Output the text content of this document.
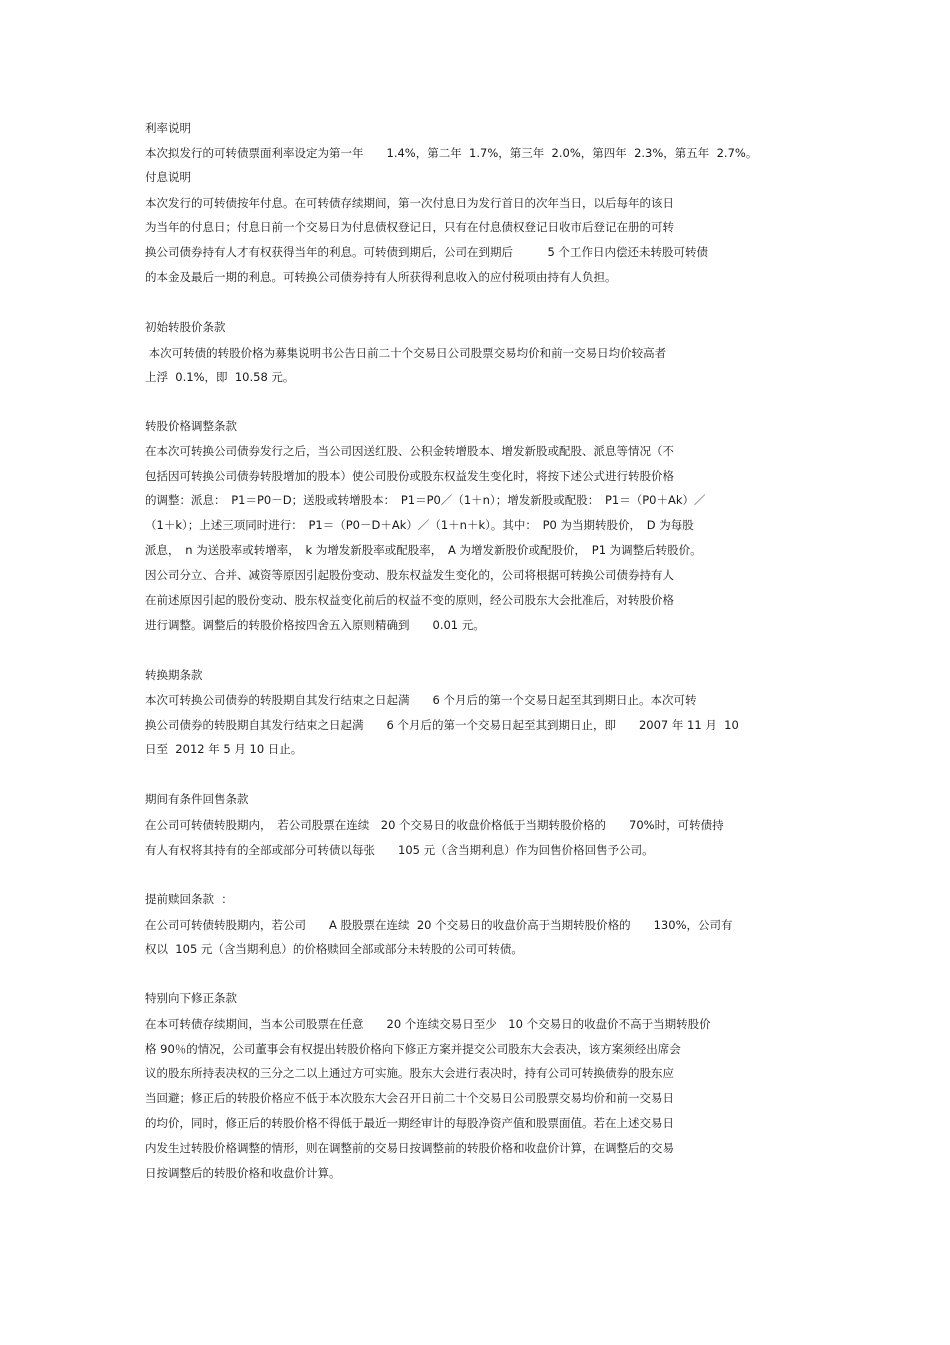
利率说明
本次拟发行的可转债票面利率设定为第一年　　1.4%，第二年  1.7%，第三年  2.0%，第四年  2.3%，第五年  2.7%。
付息说明
本次发行的可转债按年付息。在可转债存续期间，第一次付息日为发行首日的次年当日，以后每年的该日
为当年的付息日；付息日前一个交易日为付息债权登记日，只有在付息债权登记日收市后登记在册的可转
换公司债券持有人才有权获得当年的利息。可转债到期后，公司在到期后　　　5 个工作日内偿还未转股可转债
的本金及最后一期的利息。可转换公司债券持有人所获得利息收入的应付税项由持有人负担。
初始转股价条款
本次可转债的转股价格为募集说明书公告日前二十个交易日公司股票交易均价和前一交易日均价较高者
上浮  0.1%，即  10.58 元。
转股价格调整条款
在本次可转换公司债券发行之后，当公司因送红股、公积金转增股本、增发新股或配股、派息等情况（不
包括因可转换公司债券转股增加的股本）使公司股份或股东权益发生变化时，将按下述公式进行转股价格
的调整：派息：　P1＝P0－D；送股或转增股本：　P1＝P0／（1＋n）；增发新股或配股：　P1＝（P0＋Ak）／
（1＋k）；上述三项同时进行：　P1＝（P0－D＋Ak）／（1＋n＋k）。其中：　P0 为当期转股价，　D 为每股
派息，　n 为送股率或转增率，　k 为增发新股率或配股率，　A 为增发新股价或配股价，　P1 为调整后转股价。
因公司分立、合并、减资等原因引起股份变动、股东权益发生变化的，公司将根据可转换公司债券持有人
在前述原因引起的股份变动、股东权益变化前后的权益不变的原则，经公司股东大会批准后，对转股价格
进行调整。调整后的转股价格按四舍五入原则精确到　　0.01 元。
转换期条款
本次可转换公司债券的转股期自其发行结束之日起满　　6 个月后的第一个交易日起至其到期日止。本次可转
换公司债券的转股期自其发行结束之日起满　　6 个月后的第一个交易日起至其到期日止，即　　2007 年 11 月  10
日至  2012 年 5 月 10 日止。
期间有条件回售条款
在公司可转债转股期内，　若公司股票在连续　20 个交易日的收盘价格低于当期转股价格的　　70%时，可转债持
有人有权将其持有的全部或部分可转债以每张　　105 元（含当期利息）作为回售价格回售予公司。
提前赎回条款  ：
在公司可转债转股期内，若公司　　A 股股票在连续  20 个交易日的收盘价高于当期转股价格的　　130%，公司有
权以  105 元（含当期利息）的价格赎回全部或部分未转股的公司可转债。
特别向下修正条款
在本可转债存续期间，当本公司股票在任意　　20 个连续交易日至少　10 个交易日的收盘价不高于当期转股价
格 90％的情况，公司董事会有权提出转股价格向下修正方案并提交公司股东大会表决，该方案须经出席会
议的股东所持表决权的三分之二以上通过方可实施。股东大会进行表决时，持有公司可转换债券的股东应
当回避；修正后的转股价格应不低于本次股东大会召开日前二十个交易日公司股票交易均价和前一交易日
的均价，同时，修正后的转股价格不得低于最近一期经审计的每股净资产值和股票面值。若在上述交易日
内发生过转股价格调整的情形，则在调整前的交易日按调整前的转股价格和收盘价计算，在调整后的交易
日按调整后的转股价格和收盘价计算。
